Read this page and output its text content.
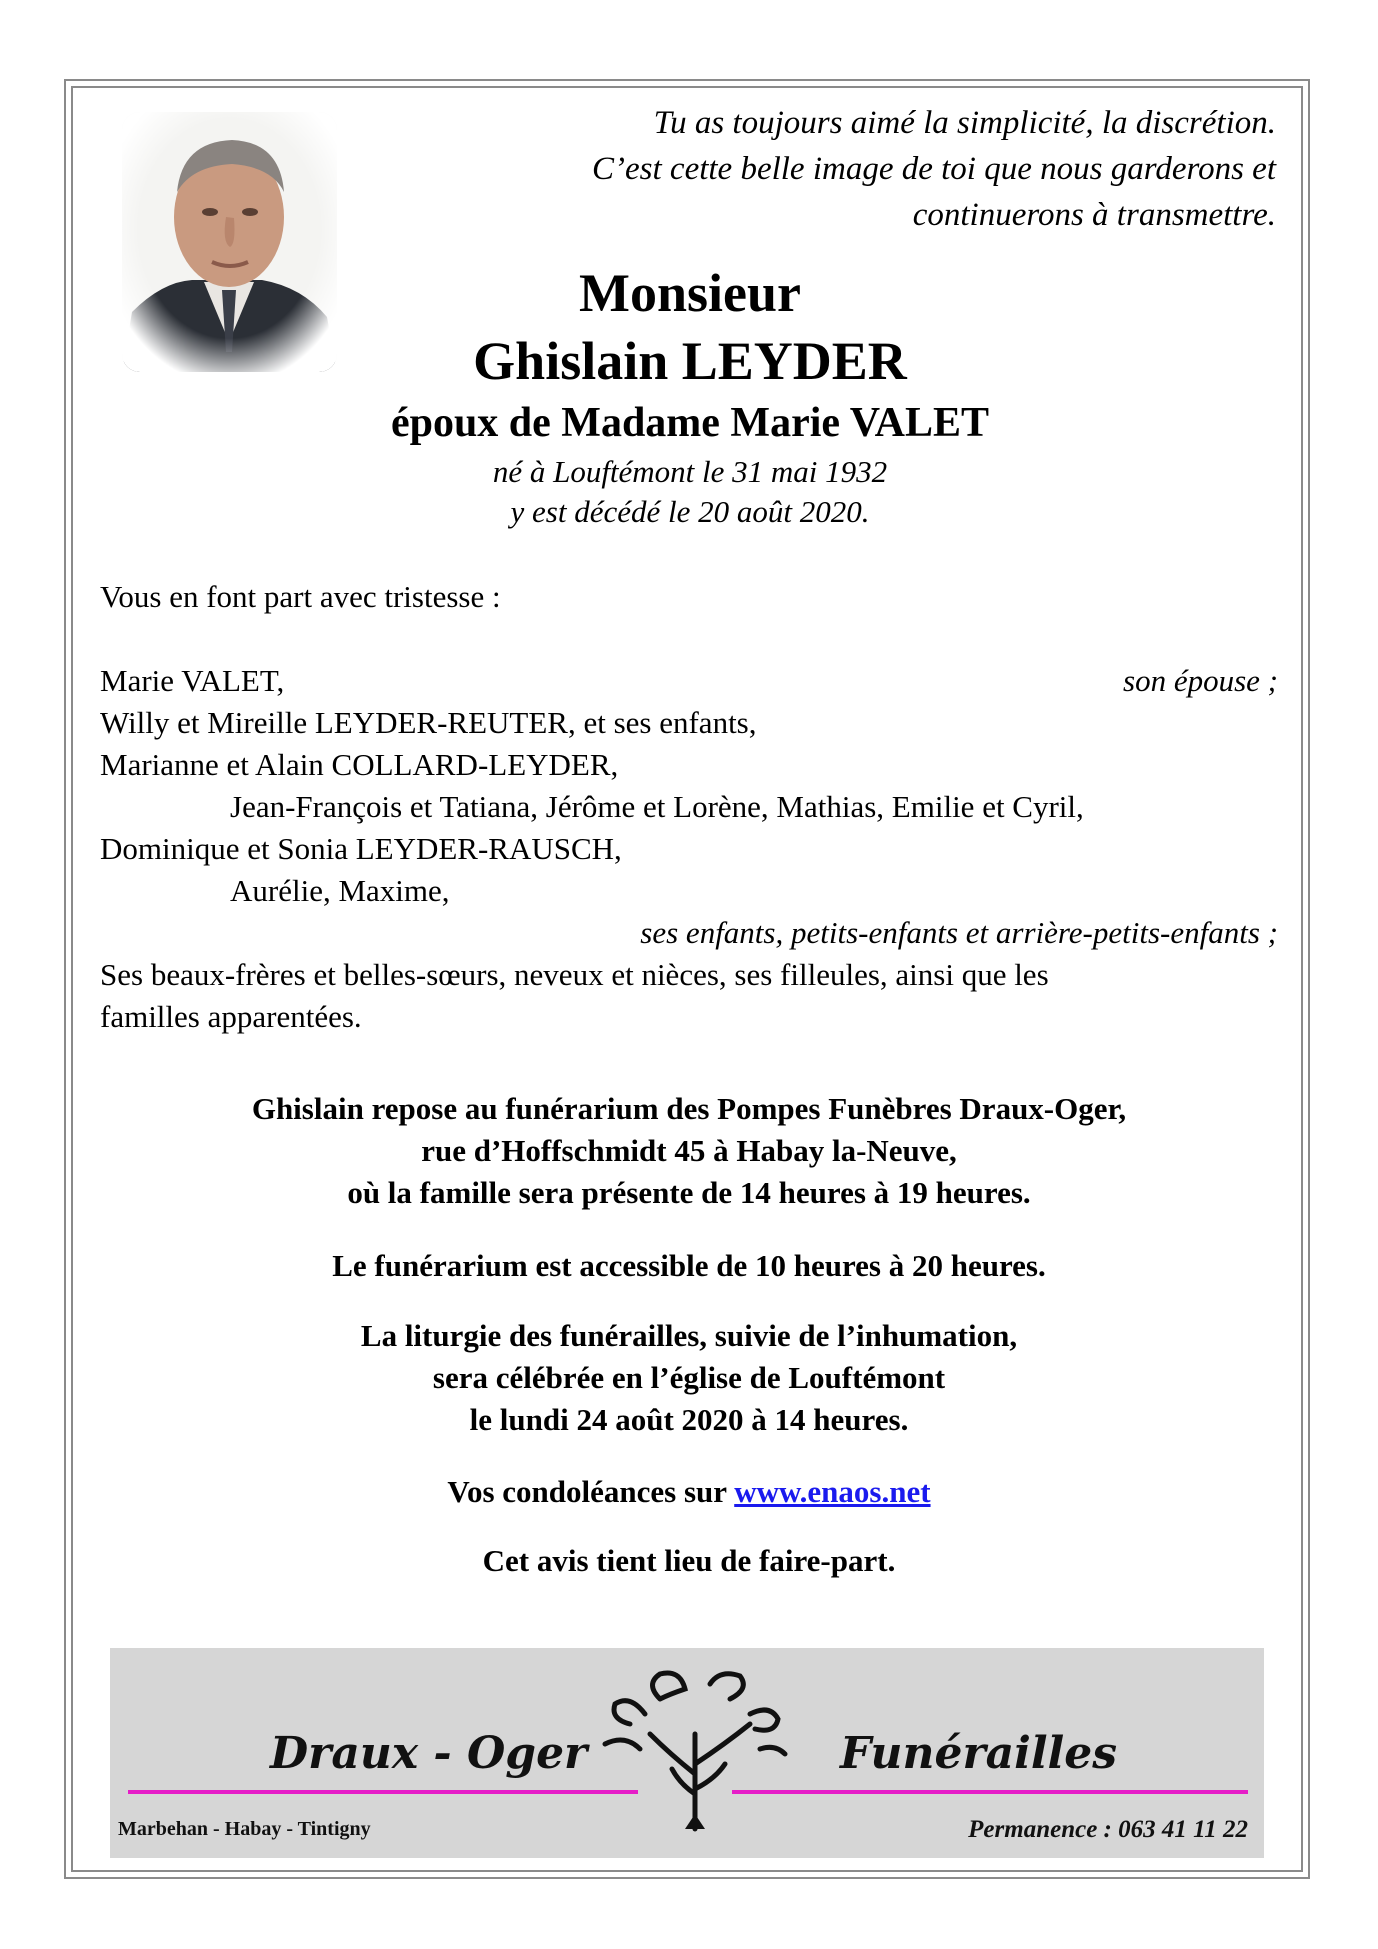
Tu as toujours aimé la simplicité, la discrétion.
C’est cette belle image de toi que nous garderons et
continuerons à transmettre.
Monsieur
Ghislain LEYDER
époux de Madame Marie VALET
né à Louftémont le 31 mai 1932
y est décédé le 20 août 2020.
Vous en font part avec tristesse :
Marie VALET,	son épouse ;
Willy et Mireille LEYDER-REUTER, et ses enfants,
Marianne et Alain COLLARD-LEYDER,
Jean-François et Tatiana, Jérôme et Lorène, Mathias, Emilie et Cyril,
Dominique et Sonia LEYDER-RAUSCH,
Aurélie, Maxime,
ses enfants, petits-enfants et arrière-petits-enfants ;
Ses beaux-frères et belles-sœurs, neveux et nièces, ses filleules, ainsi que les
familles apparentées.
Ghislain repose au funérarium des Pompes Funèbres Draux-Oger,
rue d’Hoffschmidt 45 à Habay la-Neuve,
où la famille sera présente de 14 heures à 19 heures.
Le funérarium est accessible de 10 heures à 20 heures.
La liturgie des funérailles, suivie de l’inhumation,
sera célébrée en l’église de Louftémont
le lundi 24 août 2020 à 14 heures.
Vos condoléances sur www.enaos.net
Cet avis tient lieu de faire-part.
Draux - Oger	Funérailles
Marbehan - Habay - Tintigny	Permanence : 063 41 11 22
